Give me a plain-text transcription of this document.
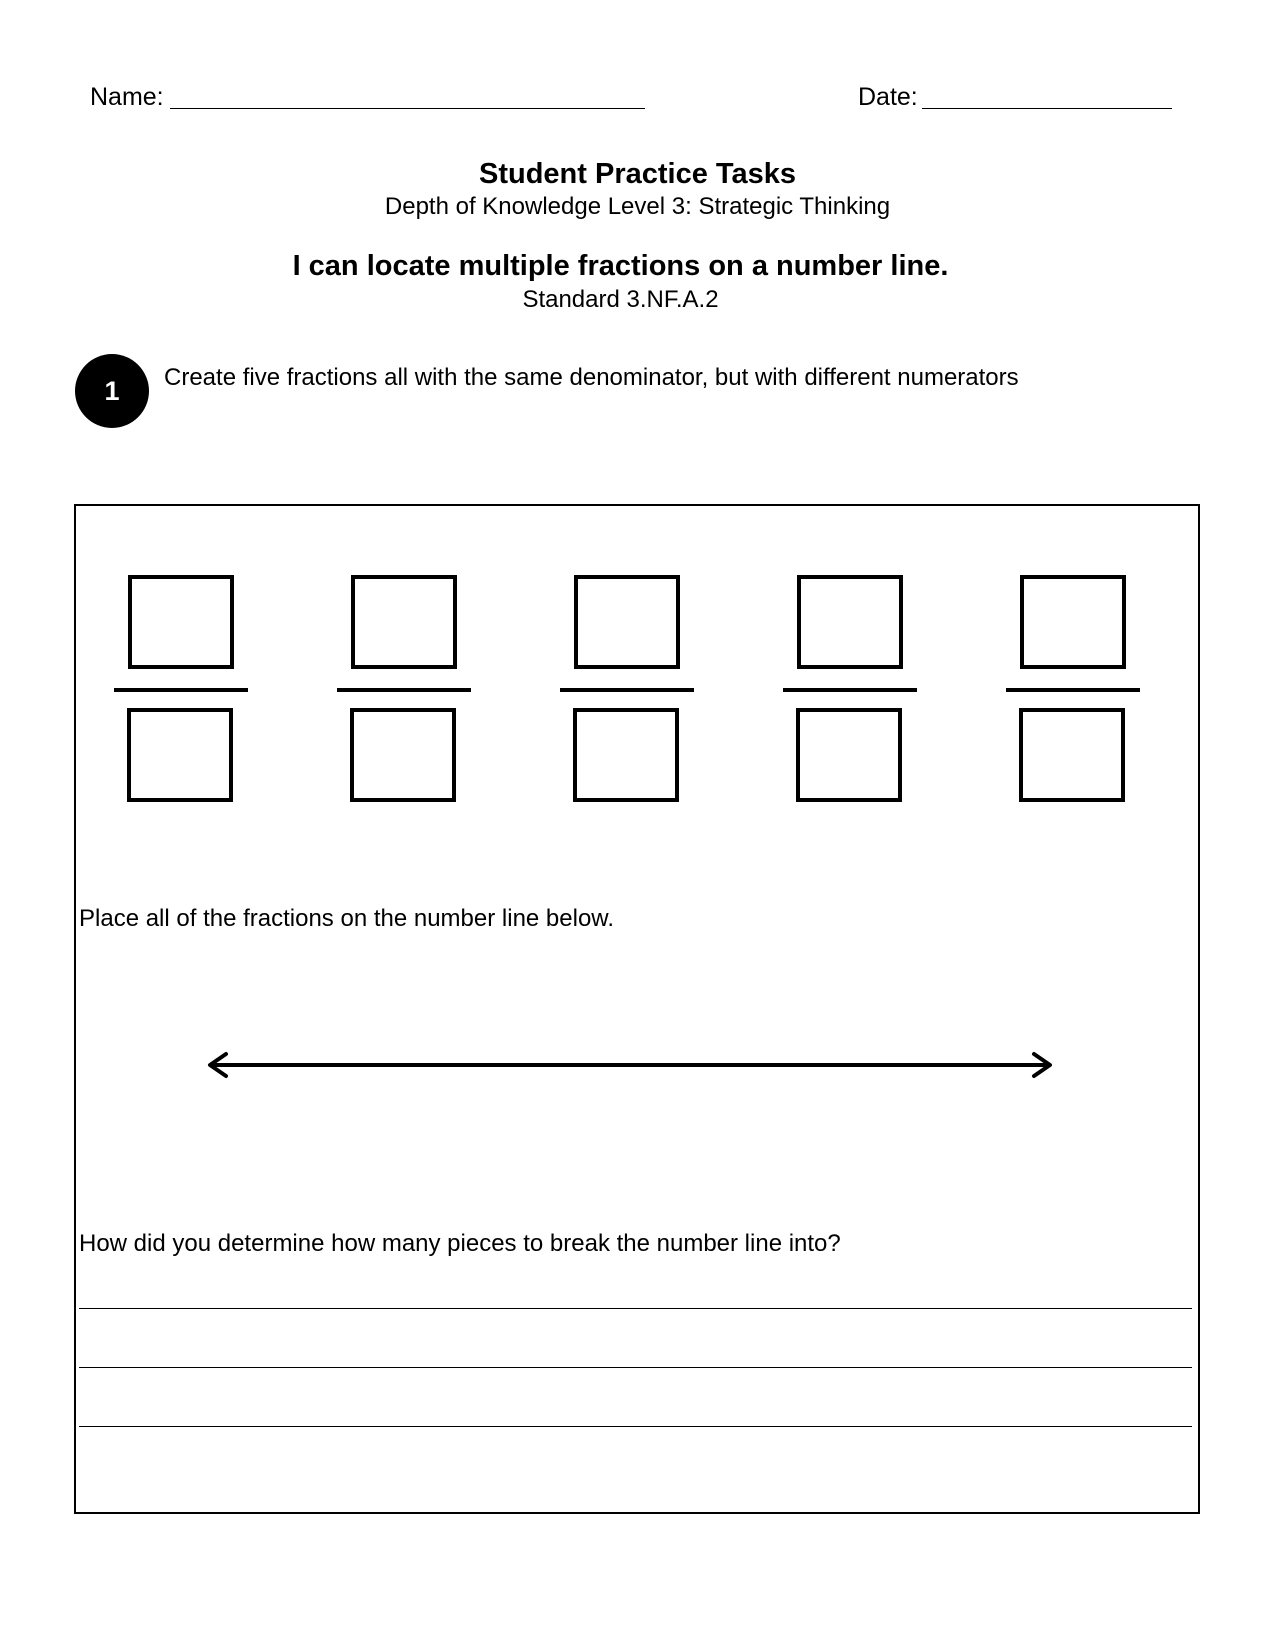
Name:	Date:
Student Practice Tasks
Depth of Knowledge Level 3: Strategic Thinking
I can locate multiple fractions on a number line.
Standard 3.NF.A.2
1 Create five fractions all with the same denominator, but with different numerators
Place all of the fractions on the number line below.
How did you determine how many pieces to break the number line into?
